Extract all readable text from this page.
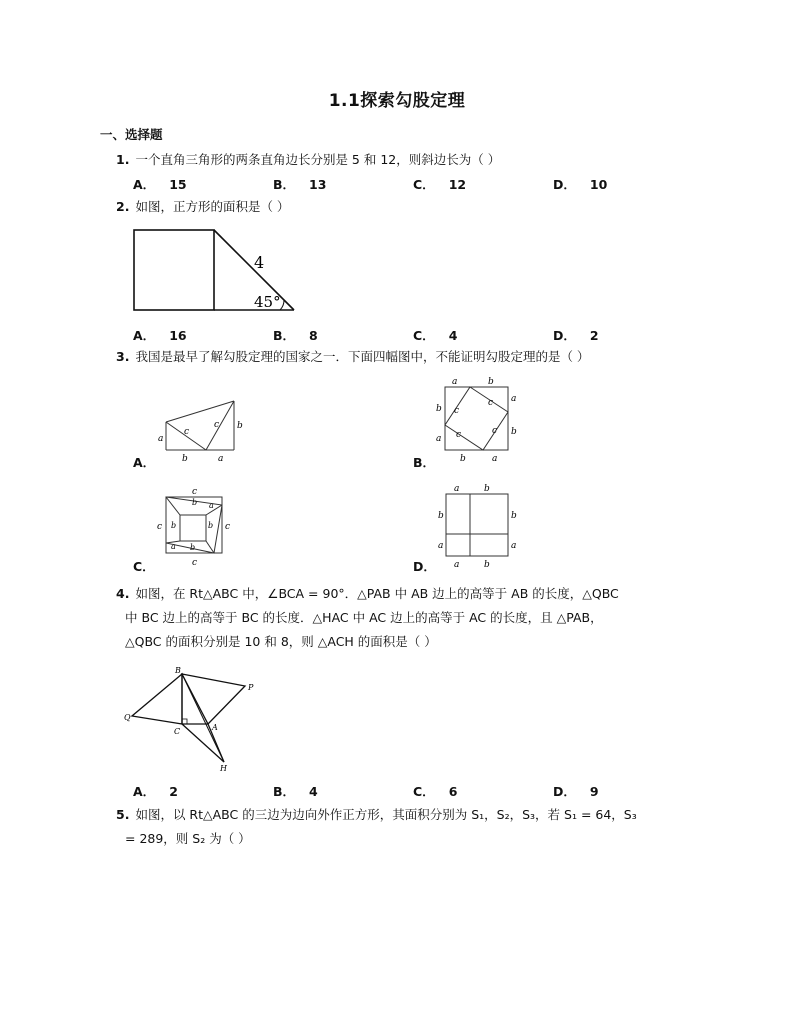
1.1探索勾股定理
一、选择题
1. 一个直角三角形的两条直角边长分别是 5 和 12，则斜边长为（ ）
A． 15	B． 13	C． 12	D． 10
2. 如图，正方形的面积是（ ）
4
45°
A． 16	B． 8	C． 4	D． 2
3. 我国是最早了解勾股定理的国家之一．下面四幅图中，不能证明勾股定理的是（ ）
a
b	a
b
c
c
A．
a	b
a
b
b
a
b	a
c
c
c	c
B．
c
b a
c	c
b	b
a b
c
C．
a	b
b
a
b
a
a	b
D．
4. 如图，在 Rt△ABC 中，∠BCA = 90°．△PAB 中 AB 边上的高等于 AB 的长度，△QBC
中 BC 边上的高等于 BC 的长度．△HAC 中 AC 边上的高等于 AC 的长度，且 △PAB，
△QBC 的面积分别是 10 和 8，则 △ACH 的面积是（ ）
B
P
Q
C	A
H
A． 2	B． 4	C． 6	D． 9
5. 如图，以 Rt△ABC 的三边为边向外作正方形，其面积分别为 S₁，S₂，S₃，若 S₁ = 64，S₃
= 289，则 S₂ 为（ ）
